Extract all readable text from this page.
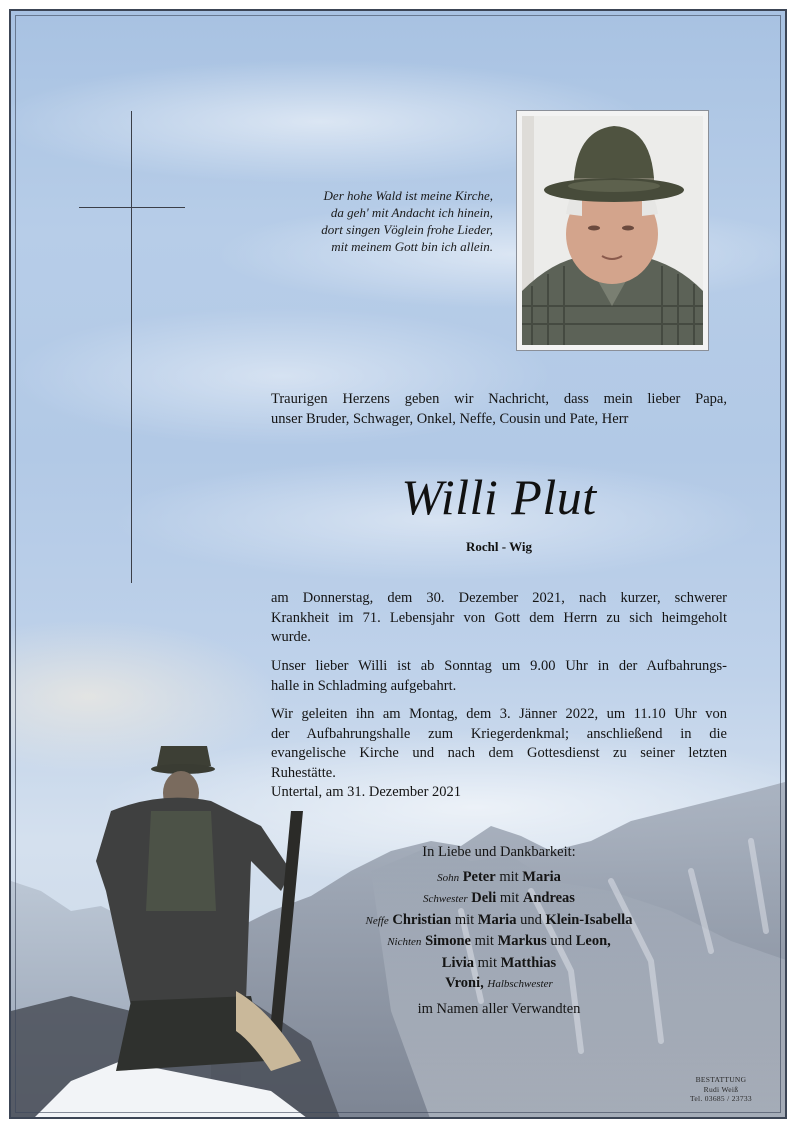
Der hohe Wald ist meine Kirche,
da geh' mit Andacht ich hinein,
dort singen Vöglein frohe Lieder,
mit meinem Gott bin ich allein.
Traurigen Herzens geben wir Nachricht, dass mein lieber Papa,
unser Bruder, Schwager, Onkel, Neffe, Cousin und Pate, Herr
Willi Plut
Rochl - Wig
am Donnerstag, dem 30. Dezember 2021, nach kurzer, schwerer
Krankheit im 71. Lebensjahr von Gott dem Herrn zu sich heimgeholt
wurde.
Unser lieber Willi ist ab Sonntag um 9.00 Uhr in der Aufbahrungs-
halle in Schladming aufgebahrt.
Wir geleiten ihn am Montag, dem 3. Jänner 2022, um 11.10 Uhr von
der Aufbahrungshalle zum Kriegerdenkmal; anschließend in die
evangelische Kirche und nach dem Gottesdienst zu seiner letzten
Ruhestätte.
Untertal, am 31. Dezember 2021
In Liebe und Dankbarkeit:
Sohn Peter mit Maria
Schwester Deli mit Andreas
Neffe Christian mit Maria und Klein-Isabella
Nichten Simone mit Markus und Leon,
Livia mit Matthias
Vroni, Halbschwester
im Namen aller Verwandten
BESTATTUNG
Rudi Weiß
Tel. 03685 / 23733
